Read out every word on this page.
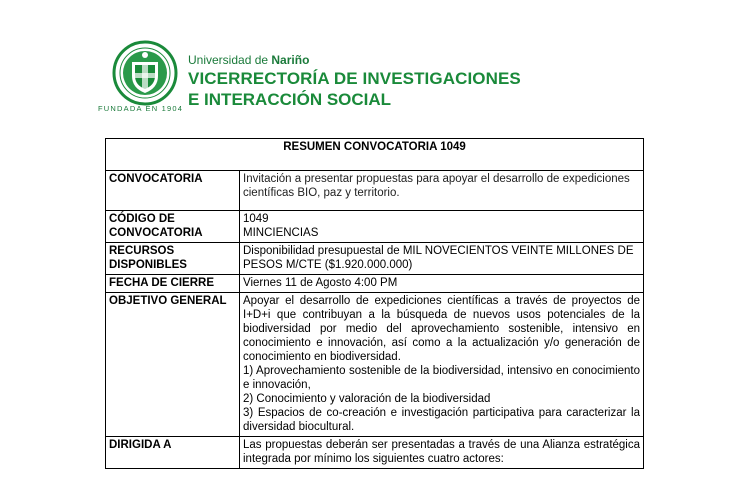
FUNDADA EN 1904
Universidad de Nariño
VICERRECTORÍA DE INVESTIGACIONES
E INTERACCIÓN SOCIAL
RESUMEN CONVOCATORIA 1049	
CONVOCATORIA	Invitación a presentar propuestas para apoyar el desarrollo de expediciones científicas BIO, paz y territorio.
CÓDIGO DE CONVOCATORIA	1049
MINCIENCIAS

RECURSOS DISPONIBLES	Disponibilidad presupuestal de MIL NOVECIENTOS VEINTE MILLONES DE PESOS M/CTE ($1.920.000.000)
FECHA DE CIERRE	Viernes 11 de Agosto 4:00 PM
OBJETIVO GENERAL	Apoyar el desarrollo de expediciones científicas a través de proyectos de I+D+i que contribuyan a la búsqueda de nuevos usos potenciales de la biodiversidad por medio del aprovechamiento sostenible, intensivo en conocimiento e innovación, así como a la actualización y/o generación de conocimiento en biodiversidad.
1) Aprovechamiento sostenible de la biodiversidad, intensivo en conocimiento e innovación,
2) Conocimiento y valoración de la biodiversidad
3) Espacios de co-creación e investigación participativa para caracterizar la diversidad biocultural.

DIRIGIDA A	Las propuestas deberán ser presentadas a través de una Alianza estratégica integrada por mínimo los siguientes cuatro actores:
